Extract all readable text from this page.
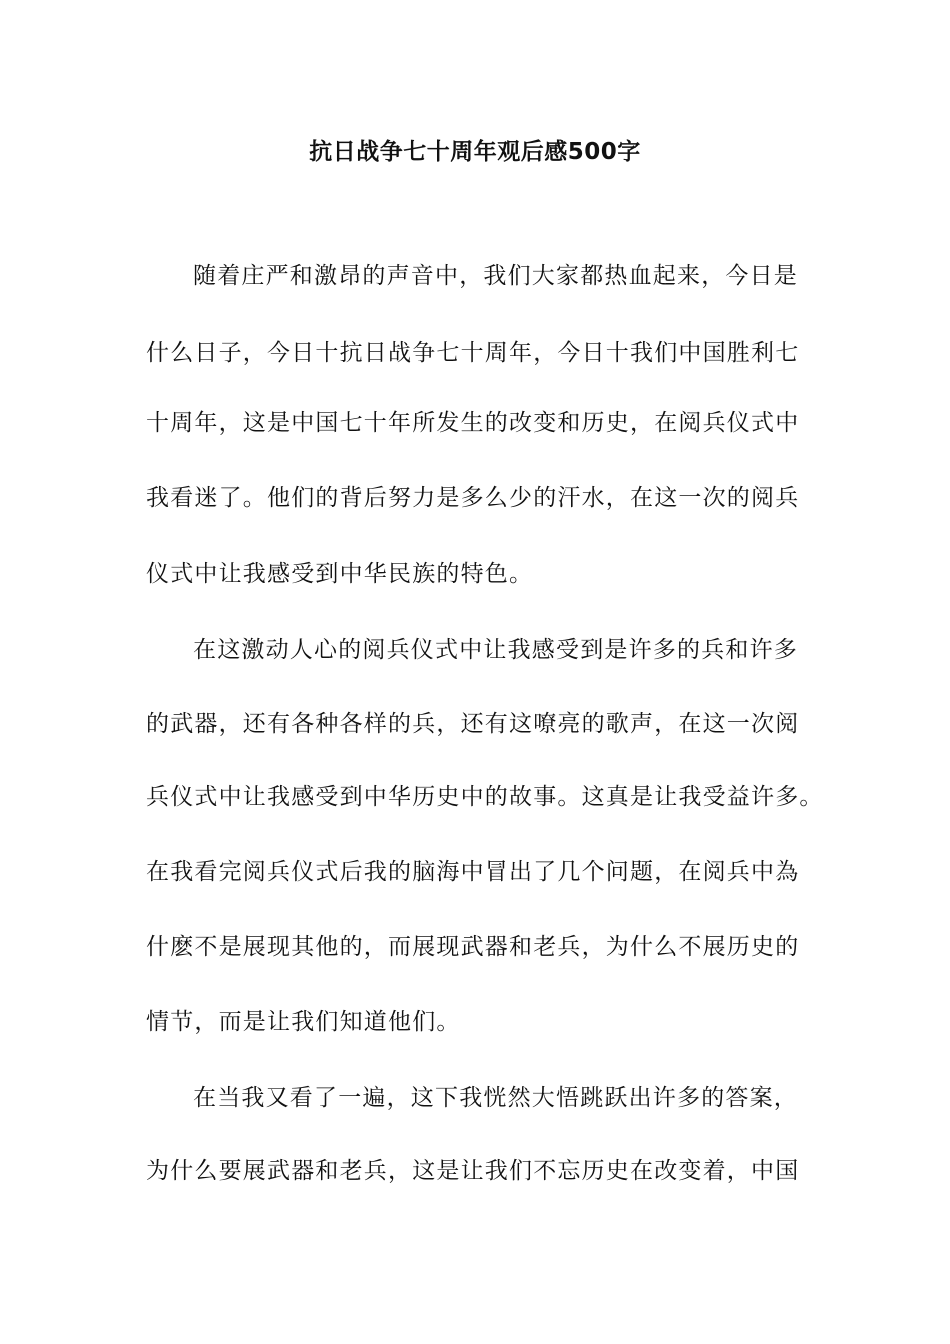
抗日战争七十周年观后感500字
随着庄严和激昂的声音中，我们大家都热血起来，今日是
什么日子，今日十抗日战争七十周年，今日十我们中国胜利七
十周年，这是中国七十年所发生的改变和历史，在阅兵仪式中
我看迷了。他们的背后努力是多么少的汗水，在这一次的阅兵
仪式中让我感受到中华民族的特色。
在这激动人心的阅兵仪式中让我感受到是许多的兵和许多
的武器，还有各种各样的兵，还有这嘹亮的歌声，在这一次阅
兵仪式中让我感受到中华历史中的故事。这真是让我受益许多。
在我看完阅兵仪式后我的脑海中冒出了几个问题，在阅兵中為
什麽不是展现其他的，而展现武器和老兵，为什么不展历史的
情节，而是让我们知道他们。
在当我又看了一遍，这下我恍然大悟跳跃出许多的答案，
为什么要展武器和老兵，这是让我们不忘历史在改变着，中国
